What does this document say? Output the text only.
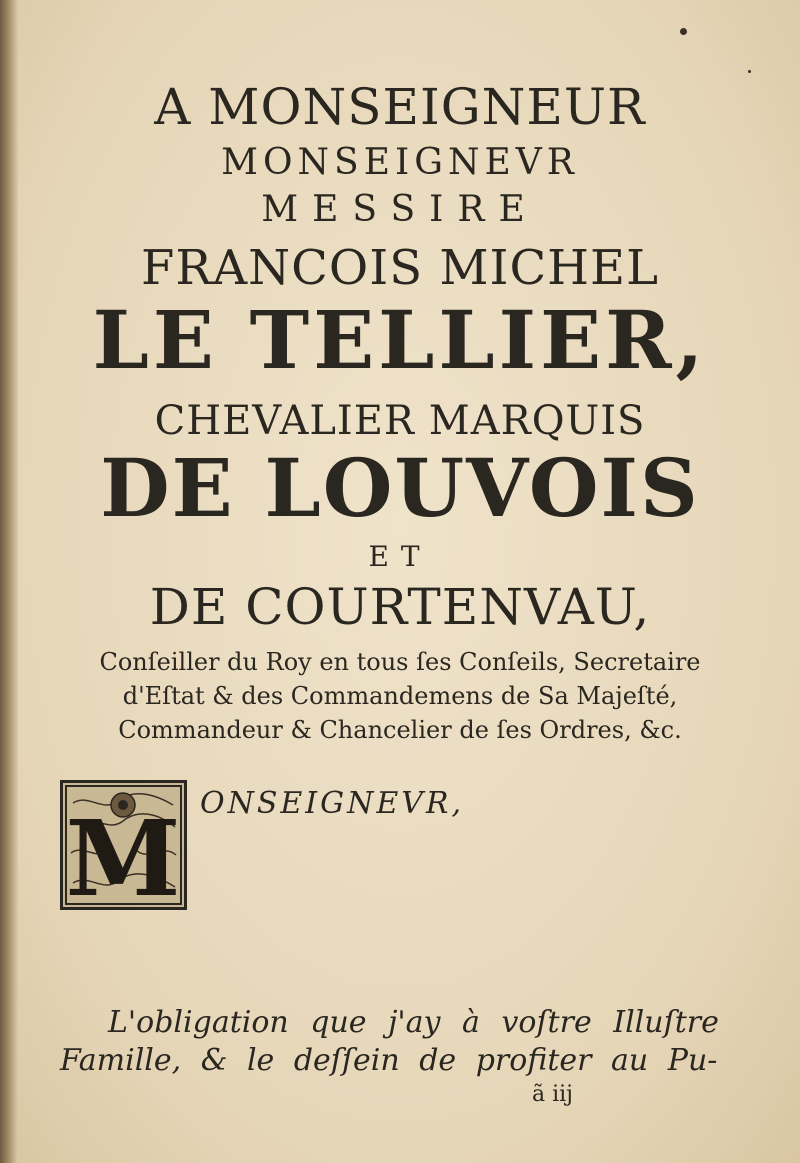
A MONSEIGNEUR
MONSEIGNEVR
MESSIRE
FRANCOIS MICHEL
LE TELLIER,
CHEVALIER MARQUIS
DE LOUVOIS
ET
DE COURTENVAU,
Conſeiller du Roy en tous ſes Conſeils, Secretaire
d'Eſtat & des Commandemens de Sa Majeſté,
Commandeur & Chancelier de ſes Ordres, &c.
M ONSEIGNEVR,
L'obligation que j'ay à voſtre Illuſtre
Famille, & le deſſein de profiter au Pu-
ã iij
